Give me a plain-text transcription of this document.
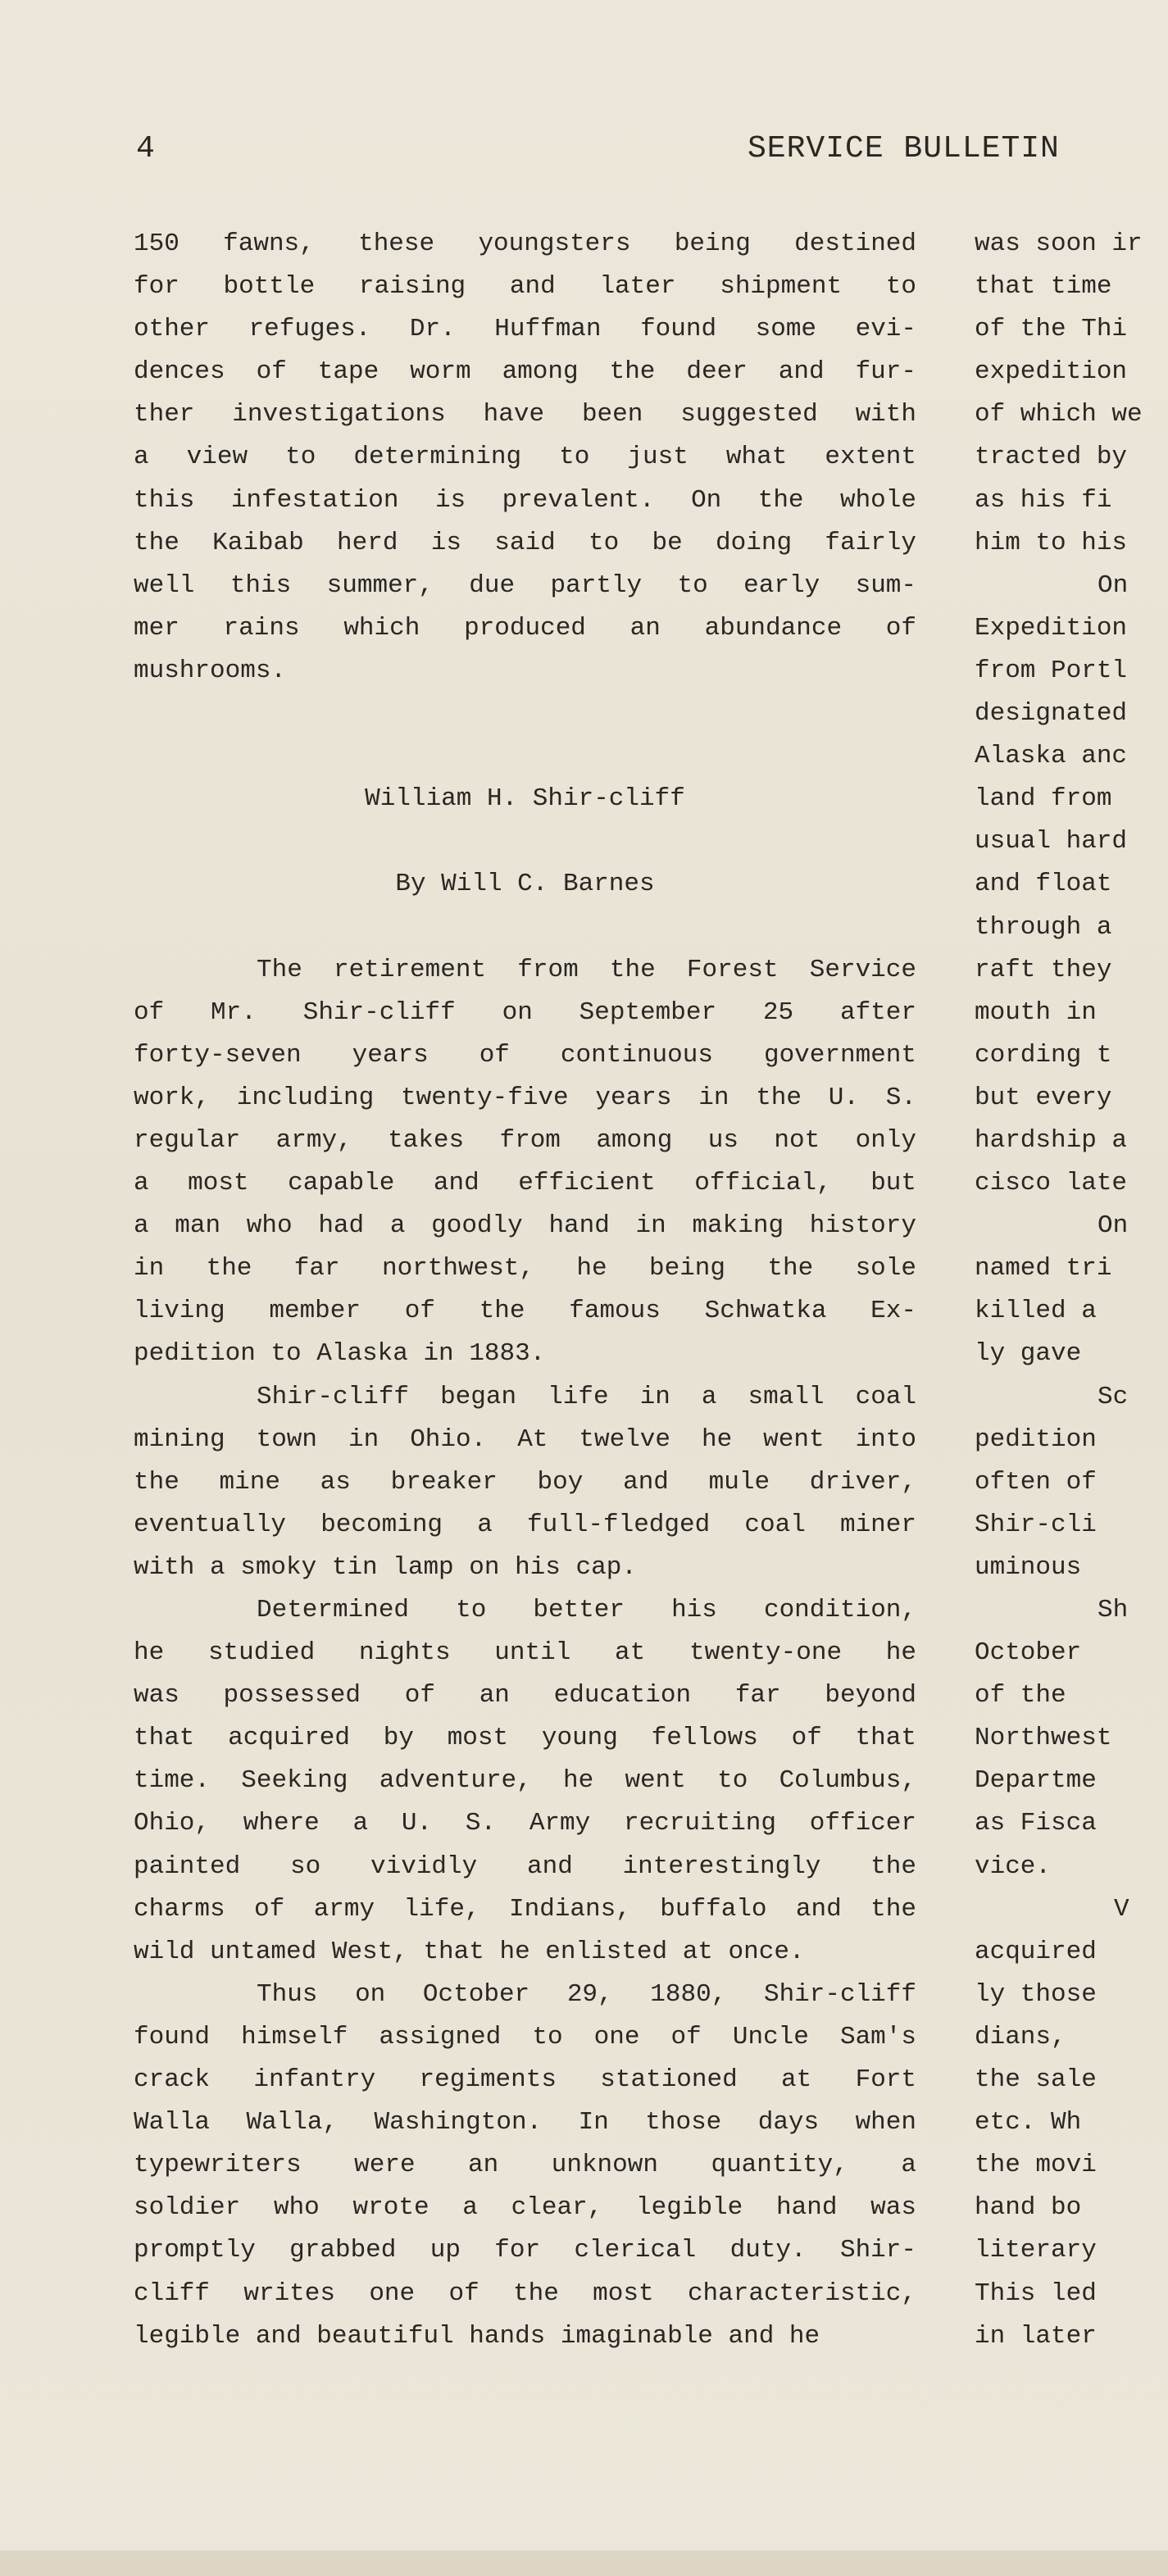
4	SERVICE BULLETIN
150 fawns, these youngsters being destined
for bottle raising and later shipment to
other refuges. Dr. Huffman found some evi-
dences of tape worm among the deer and fur-
ther investigations have been suggested with
a view to determining to just what extent
this infestation is prevalent. On the whole
the Kaibab herd is said to be doing fairly
well this summer, due partly to early sum-
mer rains which produced an abundance of
mushrooms.
William H. Shir-cliff
By Will C. Barnes
The retirement from the Forest Service
of Mr. Shir-cliff on September 25 after
forty-seven years of continuous government
work, including twenty-five years in the U. S.
regular army, takes from among us not only
a most capable and efficient official, but
a man who had a goodly hand in making history
in the far northwest, he being the sole
living member of the famous Schwatka Ex-
pedition to Alaska in 1883.
Shir-cliff began life in a small coal
mining town in Ohio. At twelve he went into
the mine as breaker boy and mule driver,
eventually becoming a full-fledged coal miner
with a smoky tin lamp on his cap.
Determined to better his condition,
he studied nights until at twenty-one he
was possessed of an education far beyond
that acquired by most young fellows of that
time. Seeking adventure, he went to Columbus,
Ohio, where a U. S. Army recruiting officer
painted so vividly and interestingly the
charms of army life, Indians, buffalo and the
wild untamed West, that he enlisted at once.
Thus on October 29, 1880, Shir-cliff
found himself assigned to one of Uncle Sam's
crack infantry regiments stationed at Fort
Walla Walla, Washington. In those days when
typewriters were an unknown quantity, a
soldier who wrote a clear, legible hand was
promptly grabbed up for clerical duty. Shir-
cliff writes one of the most characteristic,
legible and beautiful hands imaginable and he
was soon ir
that time
of the Thi
expedition
of which we
tracted by
as his fi
him to his
On
Expedition
from Portl
designated
Alaska anc
land from
usual hard
and float
through a
raft they
mouth in
cording t
but every
hardship a
cisco late
On
named tri
killed a
ly gave
Sc
pedition
often of
Shir-cli
uminous
Sh
October
of the
Northwest
Departme
as Fisca
vice.
V
acquired
ly those
dians,
the sale
etc. Wh
the movi
hand bo
literary
This led
in later
